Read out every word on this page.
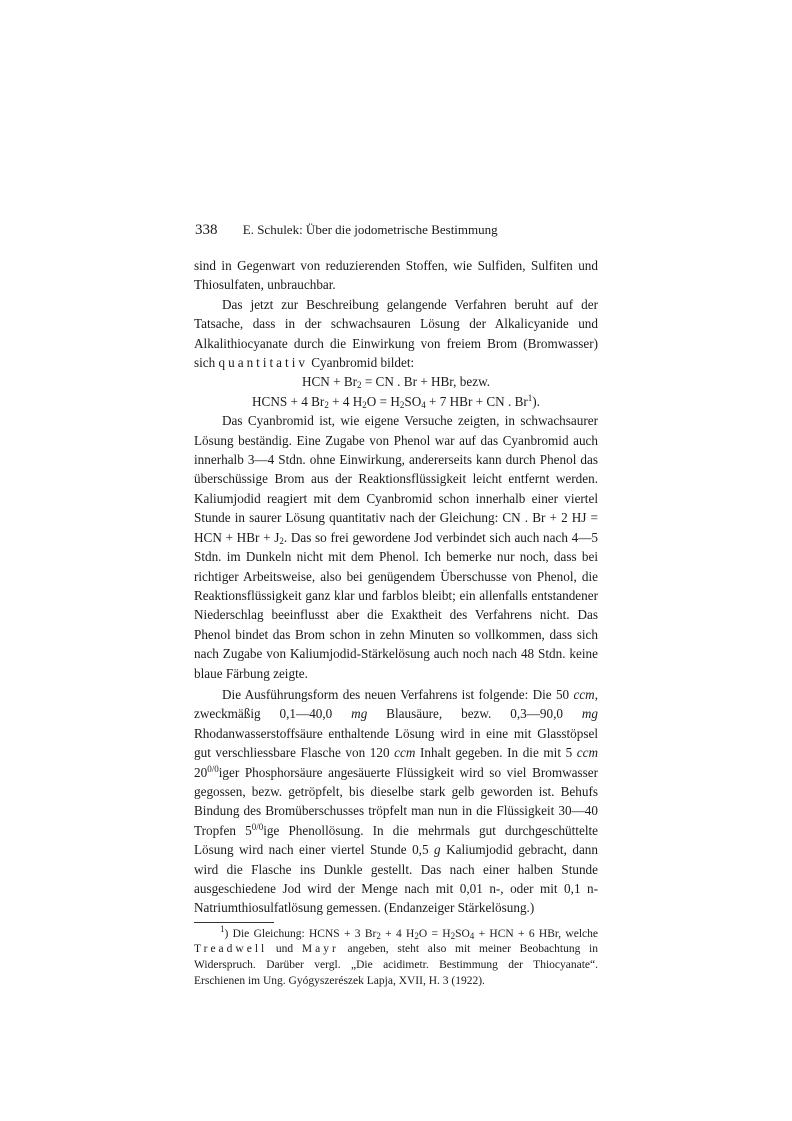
338 E. Schulek: Über die jodometrische Bestimmung

sind in Gegenwart von reduzierenden Stoffen, wie Sulfiden, Sulfiten und Thiosulfaten, unbrauchbar.

Das jetzt zur Beschreibung gelangende Verfahren beruht auf der Tatsache, dass in der schwachsauren Lösung der Alkalicyanide und Alkalithiocyanate durch die Einwirkung von freiem Brom (Bromwasser) sich quantitativ Cyanbromid bildet:

HCN + $Br_2$ = CN . Br + HBr, bezw.

HCNS + 4 $Br_2 + 4$ $H_2O = H_2SO_4 + 7$ HBr + CN . Br$^1$).

Das Cyanbromid ist, wie eigene Versuche zeigten, in schwachsaurer Lösung beständig. Eine Zugabe von Phenol war auf das Cyanbromid auch innerhalb 3—4 Stdn. ohne Einwirkung, andererseits kann durch Phenol das überschüssige Brom aus der Reaktionsflüssigkeit leicht entfernt werden. Kaliumjodid reagiert mit dem Cyanbromid schon innerhalb einer viertel Stunde in saurer Lösung quantitativ nach der Gleichung: CN . Br + 2 HJ = HCN + HBr + $J_2$. Das so frei gewordene Jod verbindet sich auch nach 4—5 Stdn. im Dunkeln nicht mit dem Phenol. Ich bemerke nur noch, dass bei richtiger Arbeitsweise, also bei genügendem Überschusse von Phenol, die Reaktionsflüssigkeit ganz klar und farblos bleibt; ein allenfalls entstandener Niederschlag beeinflusst aber die Exaktheit des Verfahrens nicht. Das Phenol bindet das Brom schon in zehn Minuten so vollkommen, dass sich nach Zugabe von Kaliumjodid-Stärkelösung auch noch nach 48 Stdn. keine blaue Färbung zeigte.

Die Ausführungsform des neuen Verfahrens ist folgende: Die 50 ccm, zweckmäßig 0,1—40,0 mg Blausäure, bezw. 0,3—90,0 mg Rhodanwasserstoffsäure enthaltende Lösung wird in eine mit Glasstöpsel gut verschliessbare Flasche von 120 ccm Inhalt gegeben. In die mit 5 ccm $20^{0/0}iger$ Phosphorsäure angesäuerte Flüssigkeit wird so viel Bromwasser gegossen, bezw. getröpfelt, bis dieselbe stark gelb geworden ist. Behufs Bindung des Bromüberschusses tröpfelt man nun in die Flüssigkeit 30—40 Tropfen $5^{0/0}ige$ Phenollösung. In die mehrmals gut durchgeschüttelte Lösung wird nach einer viertel Stunde 0,5 g Kaliumjodid gebracht, dann wird die Flasche ins Dunkle gestellt. Das nach einer halben Stunde ausgeschiedene Jod wird der Menge nach mit 0,01 n-, oder mit 0,1 n-Natriumthiosulfatlösung gemessen. (Endanzeiger Stärkelösung.)

$^1$) Die Gleichung: HCNS + 3 $Br_2 + 4$ $H_2O = H_2SO_4$ + HCN + 6 HBr, welche Treadwell und Mayr angeben, steht also mit meiner Beobachtung in Widerspruch. Darüber vergl. „Die acidimetr. Bestimmung der Thiocyanate“. Erschienen im Ung. Gyógyszerészek Lapja, XVII, H. 3 (1922).
